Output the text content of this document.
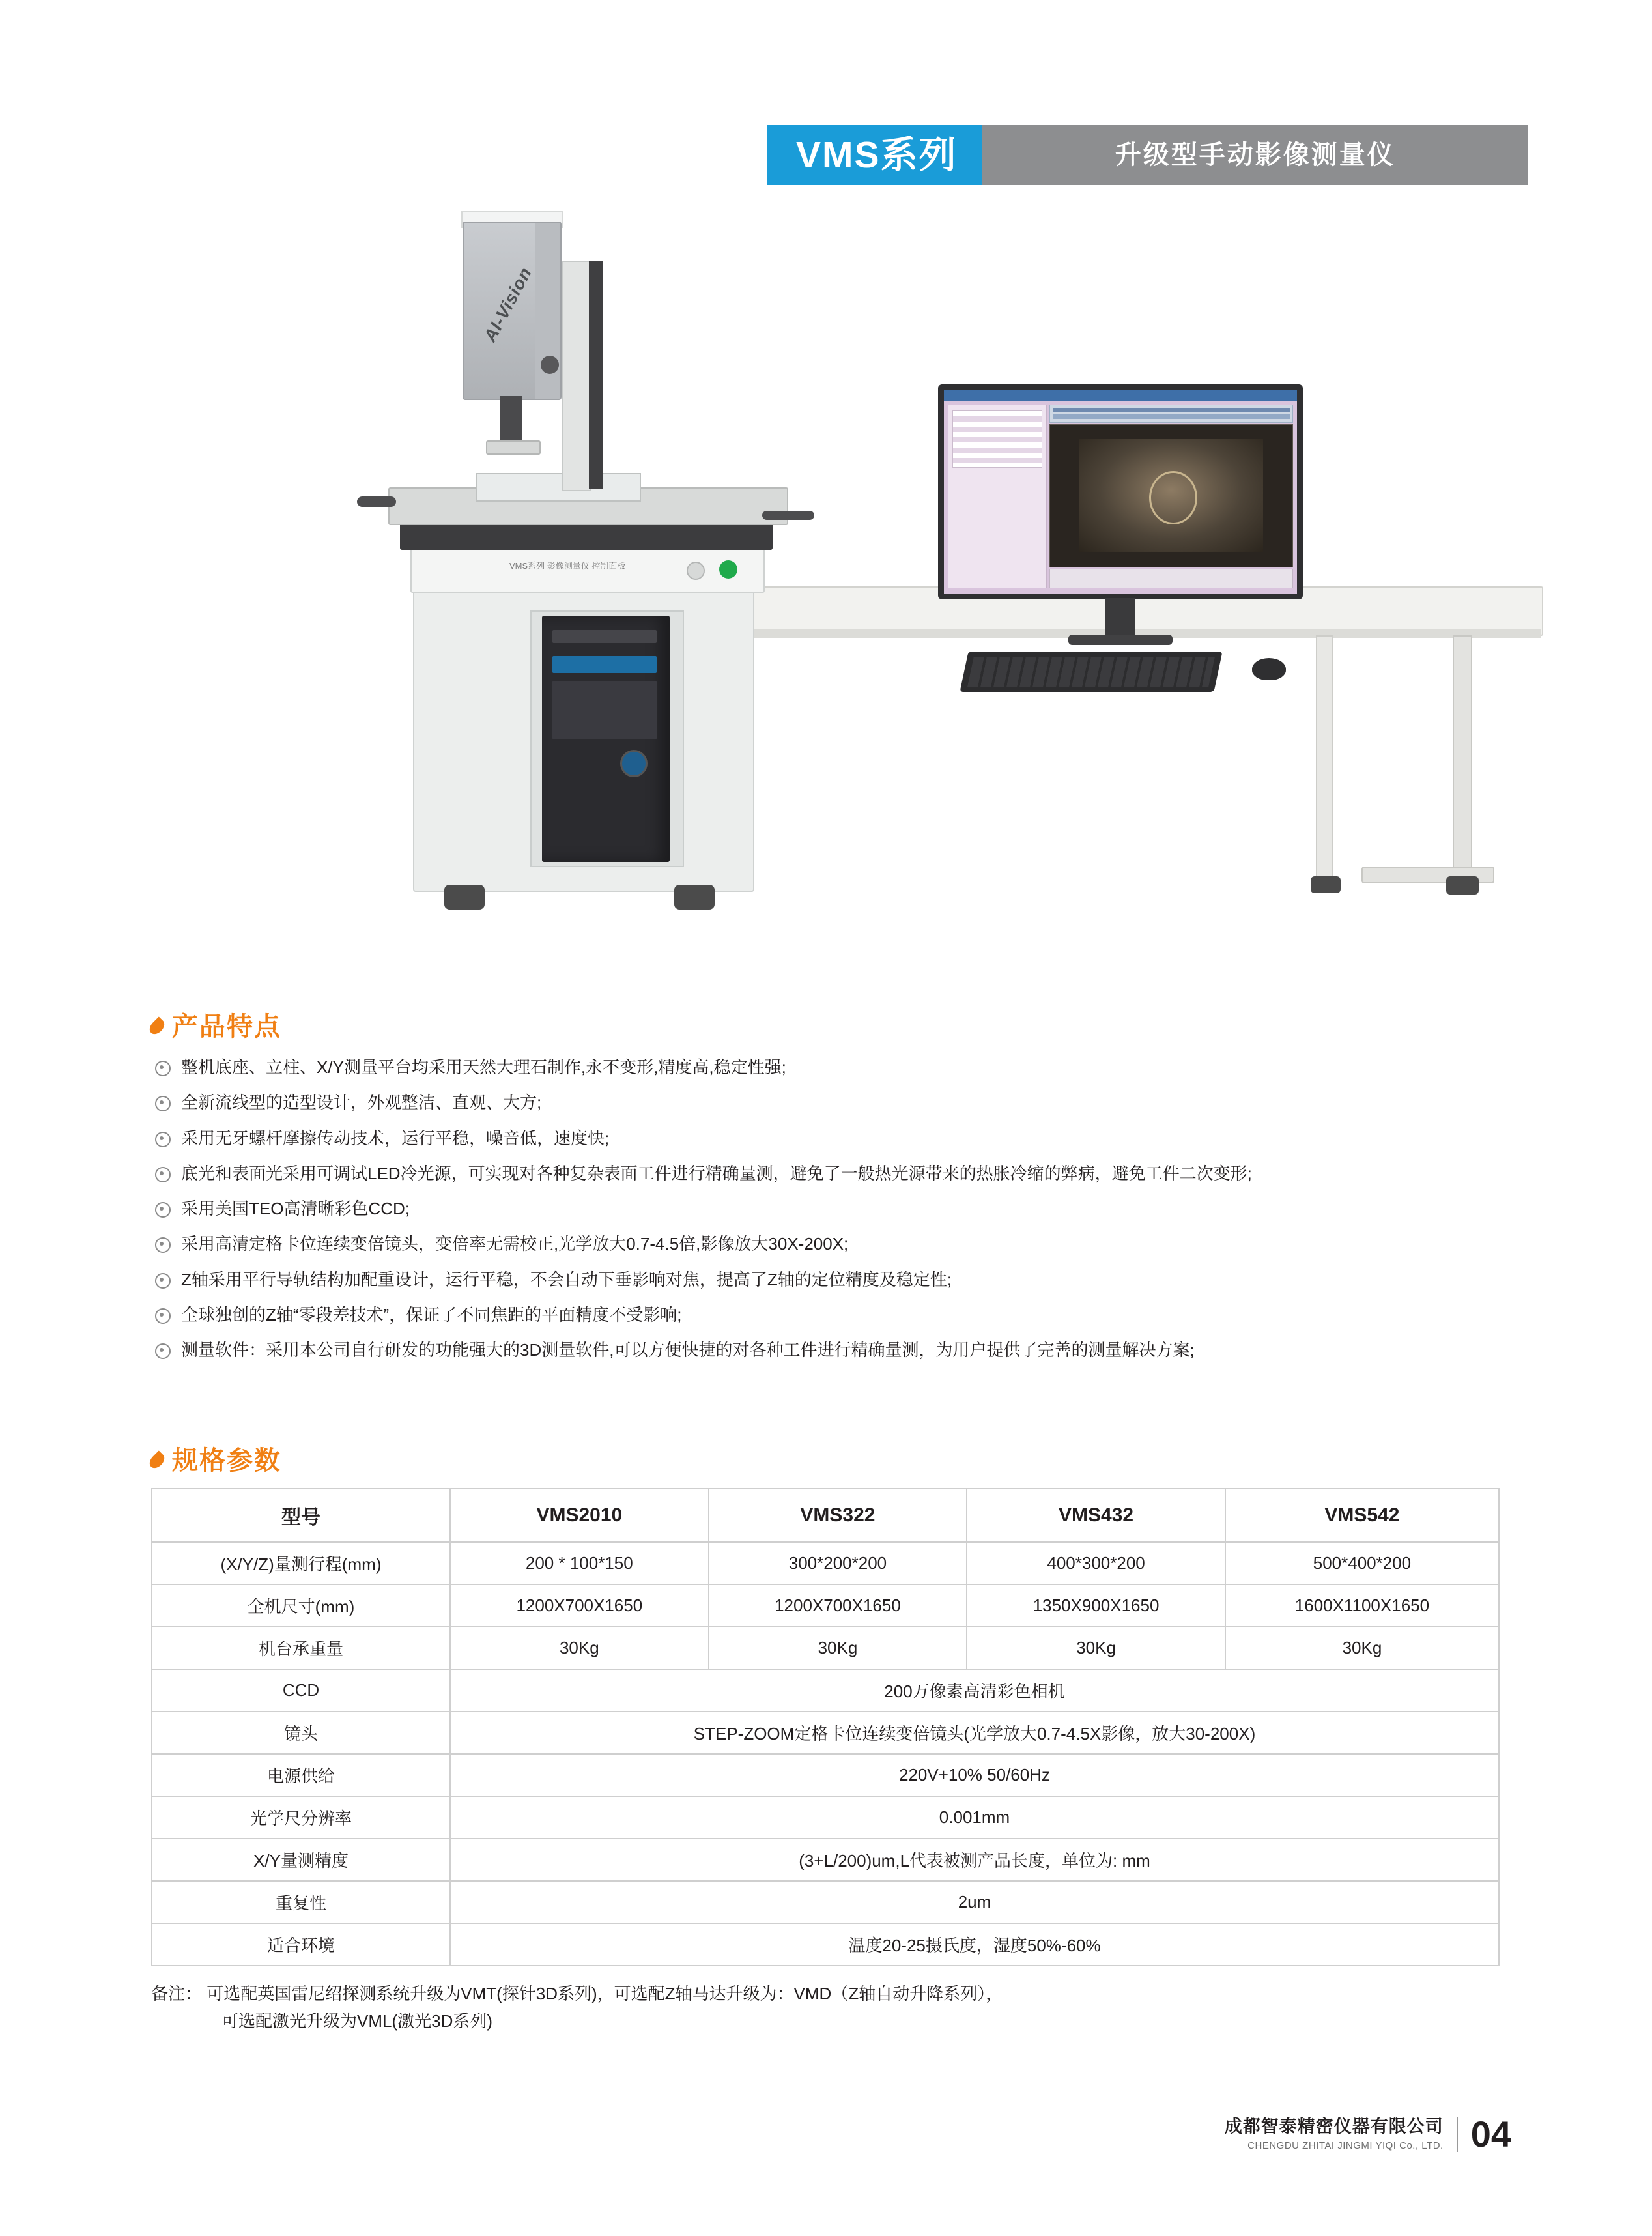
VMS系列	升级型手动影像测量仪
VMS系列 影像测量仪 控制面板
AI-Vision
产品特点
整机底座、立柱、X/Y测量平台均采用天然大理石制作,永不变形,精度高,稳定性强;
全新流线型的造型设计，外观整洁、直观、大方;
采用无牙螺杆摩擦传动技术，运行平稳，噪音低，速度快;
底光和表面光采用可调试LED冷光源，可实现对各种复杂表面工件进行精确量测，避免了一般热光源带来的热胀冷缩的弊病，避免工件二次变形;
采用美国TEO高清晰彩色CCD;
采用高清定格卡位连续变倍镜头，变倍率无需校正,光学放大0.7-4.5倍,影像放大30X-200X;
Z轴采用平行导轨结构加配重设计，运行平稳，不会自动下垂影响对焦，提高了Z轴的定位精度及稳定性;
全球独创的Z轴“零段差技术”，保证了不同焦距的平面精度不受影响;
测量软件：采用本公司自行研发的功能强大的3D测量软件,可以方便快捷的对各种工件进行精确量测，为用户提供了完善的测量解决方案;
规格参数
型号	VMS2010	VMS322	VMS432	VMS542
(X/Y/Z)量测行程(mm)	200 * 100*150	300*200*200	400*300*200	500*400*200
全机尺寸(mm)	1200X700X1650	1200X700X1650	1350X900X1650	1600X1100X1650
机台承重量	30Kg	30Kg	30Kg	30Kg
CCD	200万像素高清彩色相机			
镜头	STEP-ZOOM定格卡位连续变倍镜头(光学放大0.7-4.5X影像，放大30-200X)			
电源供给	220V+10% 50/60Hz			
光学尺分辨率	0.001mm			
X/Y量测精度	(3+L/200)um,L代表被测产品长度，单位为: mm			
重复性	2um			
适合环境	温度20-25摄氏度，湿度50%-60%			
备注： 可选配英国雷尼绍探测系统升级为VMT(探针3D系列)，可选配Z轴马达升级为：VMD（Z轴自动升降系列），
可选配激光升级为VML(激光3D系列)
成都智泰精密仪器有限公司
CHENGDU ZHITAI JINGMI YIQI Co., LTD. 04
